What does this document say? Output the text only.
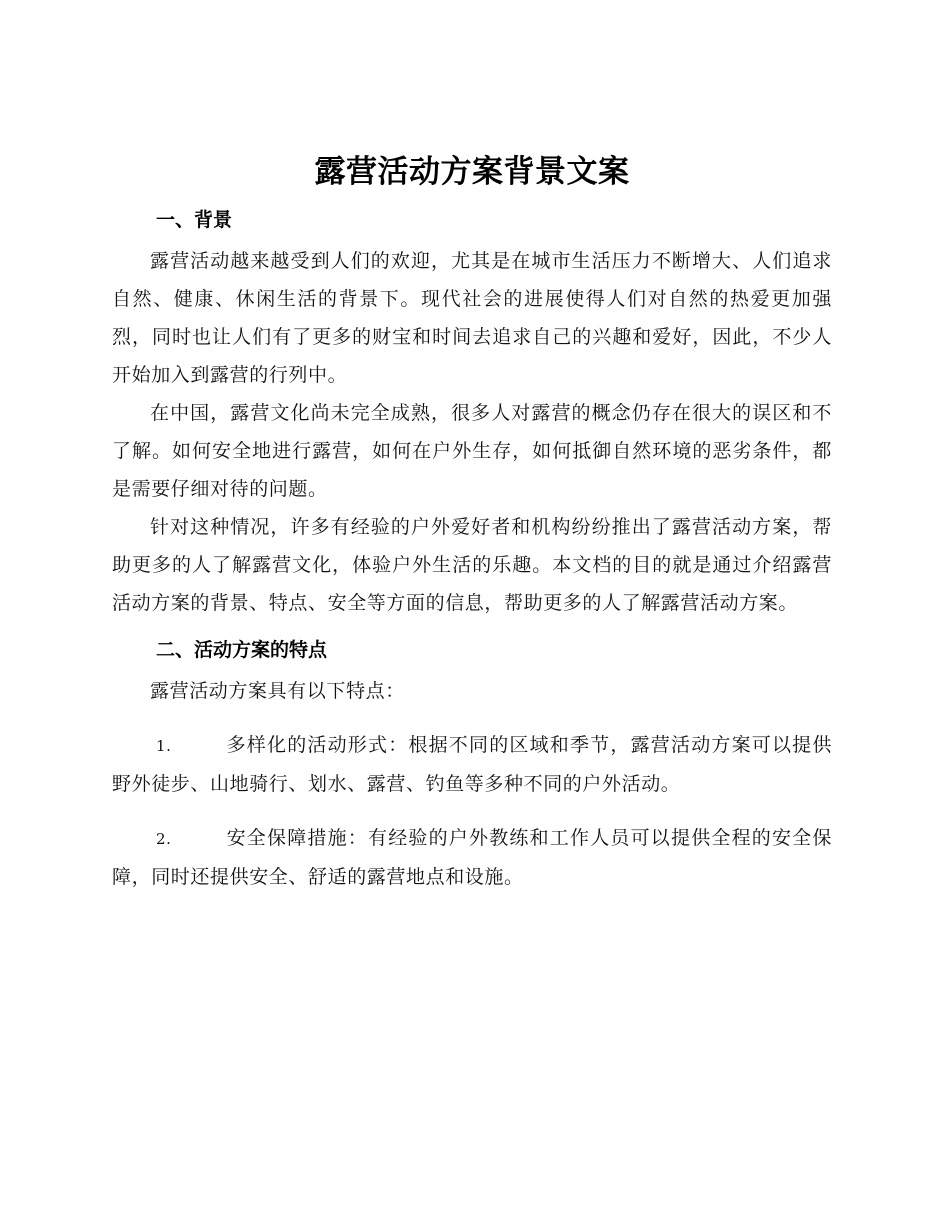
露营活动方案背景文案
一、背景

露营活动越来越受到人们的欢迎，尤其是在城市生活压力不断增大、人们追求自然、健康、休闲生活的背景下。现代社会的进展使得人们对自然的热爱更加强烈，同时也让人们有了更多的财宝和时间去追求自己的兴趣和爱好，因此，不少人开始加入到露营的行列中。

在中国，露营文化尚未完全成熟，很多人对露营的概念仍存在很大的误区和不了解。如何安全地进行露营，如何在户外生存，如何抵御自然环境的恶劣条件，都是需要仔细对待的问题。

针对这种情况，许多有经验的户外爱好者和机构纷纷推出了露营活动方案，帮助更多的人了解露营文化，体验户外生活的乐趣。本文档的目的就是通过介绍露营活动方案的背景、特点、安全等方面的信息，帮助更多的人了解露营活动方案。

二、活动方案的特点

露营活动方案具有以下特点：

1.	多样化的活动形式：根据不同的区域和季节，露营活动方案可以提供野外徒步、山地骑行、划水、露营、钓鱼等多种不同的户外活动。

2.	安全保障措施：有经验的户外教练和工作人员可以提供全程的安全保障，同时还提供安全、舒适的露营地点和设施。
